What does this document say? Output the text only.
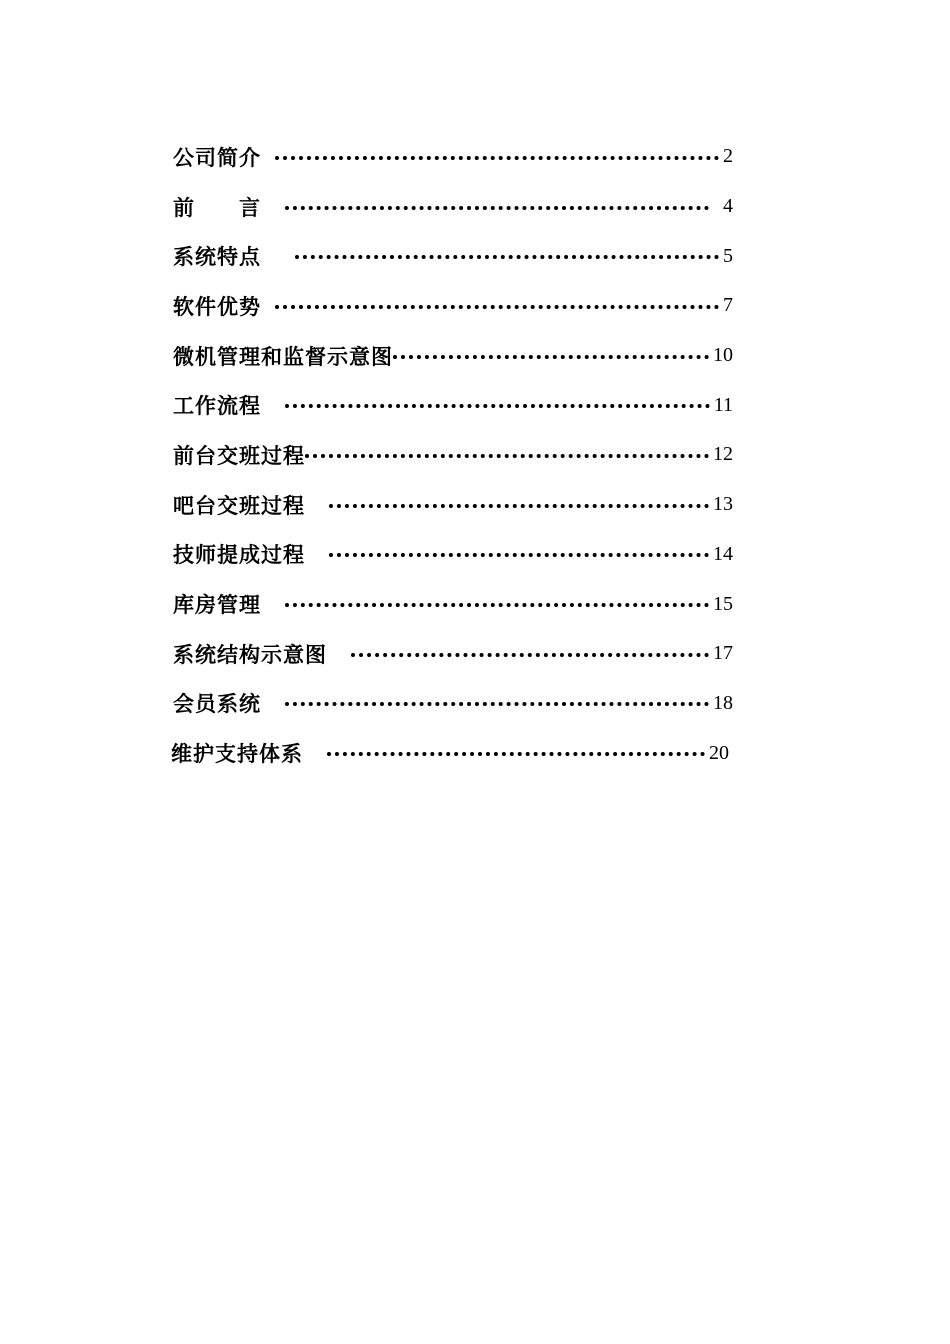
公司简介	2
前　　言	4
系统特点	5
软件优势	7
微机管理和监督示意图	10
工作流程	11
前台交班过程	12
吧台交班过程	13
技师提成过程	14
库房管理	15
系统结构示意图	17
会员系统	18
维护支持体系	20
